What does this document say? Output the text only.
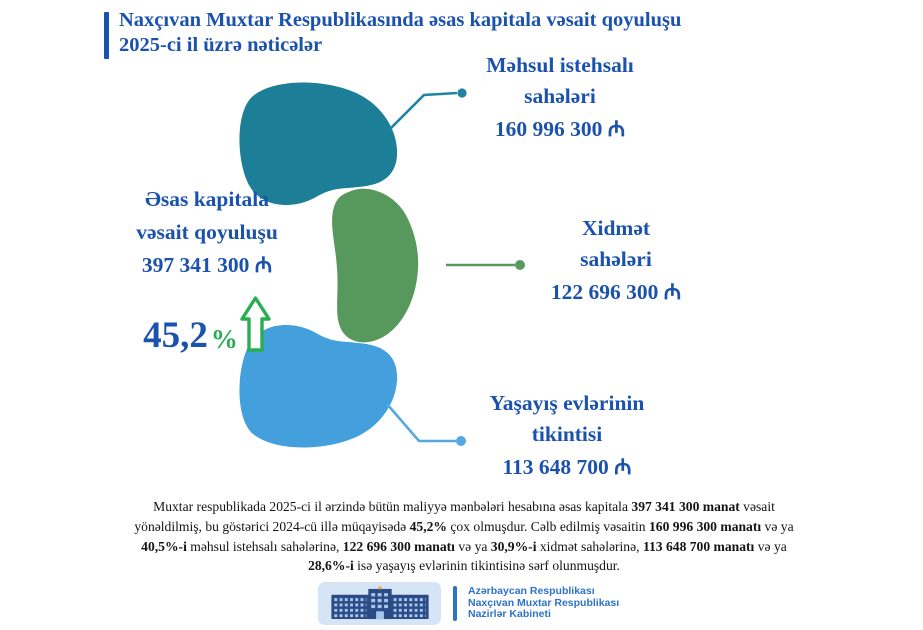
Naxçıvan Muxtar Respublikasında əsas kapitala vəsait qoyuluşu
2025-ci il üzrə nəticələr
Əsas kapitala
vəsait qoyuluşu
397 341 300 ₼
45,2 %
Məhsul istehsalı
sahələri
160 996 300 ₼
Xidmət
sahələri
122 696 300 ₼
Yaşayış evlərinin
tikintisi
113 648 700 ₼
Muxtar respublikada 2025-ci il ərzində bütün maliyyə mənbələri hesabına əsas kapitala 397 341 300 manat vəsait yönəldilmiş, bu göstərici 2024-cü illə müqayisədə 45,2% çox olmuşdur. Cəlb edilmiş vəsaitin 160 996 300 manatı və ya 40,5%-i məhsul istehsalı sahələrinə, 122 696 300 manatı və ya 30,9%-i xidmət sahələrinə, 113 648 700 manatı və ya 28,6%-i isə yaşayış evlərinin tikintisinə sərf olunmuşdur.
Azərbaycan Respublikası
Naxçıvan Muxtar Respublikası
Nazirlər Kabineti
